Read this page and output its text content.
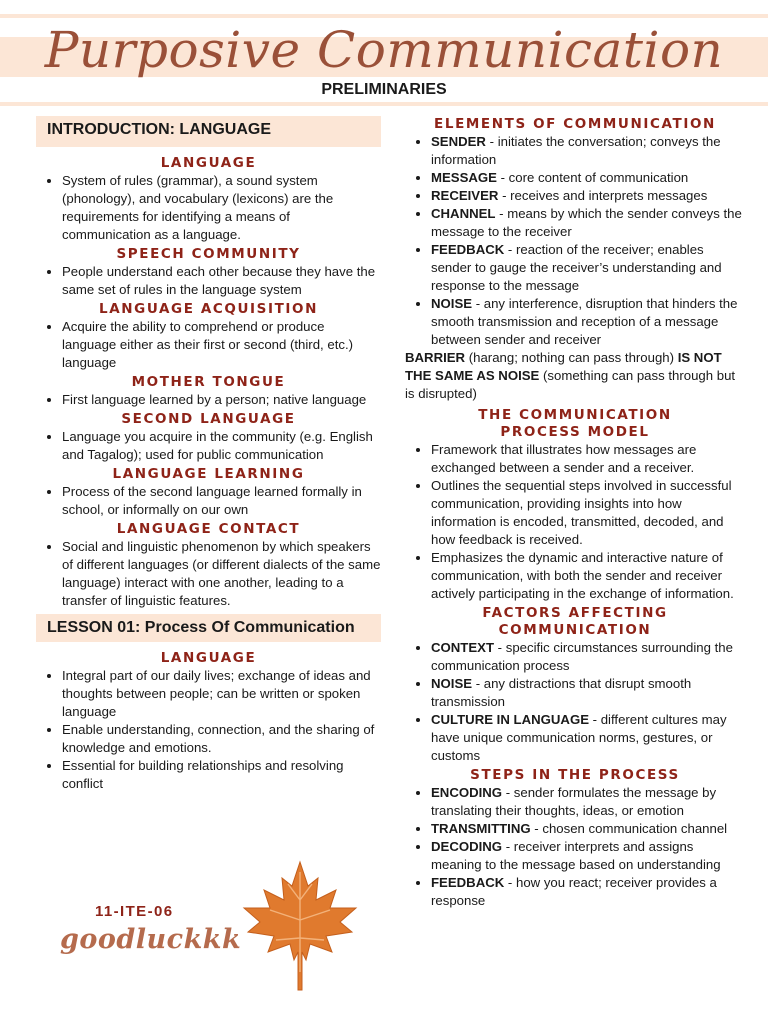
Purposive Communication
PRELIMINARIES
INTRODUCTION: LANGUAGE
LANGUAGE
• System of rules (grammar), a sound system (phonology), and vocabulary (lexicons) are the requirements for identifying a means of communication as a language.
SPEECH COMMUNITY
• People understand each other because they have the same set of rules in the language system
LANGUAGE ACQUISITION
• Acquire the ability to comprehend or produce language either as their first or second (third, etc.) language
MOTHER TONGUE
• First language learned by a person; native language
SECOND LANGUAGE
• Language you acquire in the community (e.g. English and Tagalog); used for public communication
LANGUAGE LEARNING
• Process of the second language learned formally in school, or informally on our own
LANGUAGE CONTACT
• Social and linguistic phenomenon by which speakers of different languages (or different dialects of the same language) interact with one another, leading to a transfer of linguistic features.
LESSON 01: Process Of Communication
LANGUAGE
• Integral part of our daily lives; exchange of ideas and thoughts between people; can be written or spoken language
• Enable understanding, connection, and the sharing of knowledge and emotions.
• Essential for building relationships and resolving conflict
11-ITE-06
goodluckkk
ELEMENTS OF COMMUNICATION
• SENDER - initiates the conversation; conveys the information
• MESSAGE - core content of communication
• RECEIVER - receives and interprets messages
• CHANNEL - means by which the sender conveys the message to the receiver
• FEEDBACK - reaction of the receiver; enables sender to gauge the receiver’s understanding and response to the message
• NOISE - any interference, disruption that hinders the smooth transmission and reception of a message between sender and receiver

BARRIER (harang; nothing can pass through) IS NOT THE SAME AS NOISE (something can pass through but is disrupted)

THE COMMUNICATION
PROCESS MODEL
• Framework that illustrates how messages are exchanged between a sender and a receiver.
• Outlines the sequential steps involved in successful communication, providing insights into how information is encoded, transmitted, decoded, and how feedback is received.
• Emphasizes the dynamic and interactive nature of communication, with both the sender and receiver actively participating in the exchange of information.
FACTORS AFFECTING
COMMUNICATION
• CONTEXT - specific circumstances surrounding the communication process
• NOISE - any distractions that disrupt smooth transmission
• CULTURE IN LANGUAGE - different cultures may have unique communication norms, gestures, or customs
STEPS IN THE PROCESS
• ENCODING - sender formulates the message by translating their thoughts, ideas, or emotion
• TRANSMITTING - chosen communication channel
• DECODING - receiver interprets and assigns meaning to the message based on understanding
• FEEDBACK - how you react; receiver provides a response
